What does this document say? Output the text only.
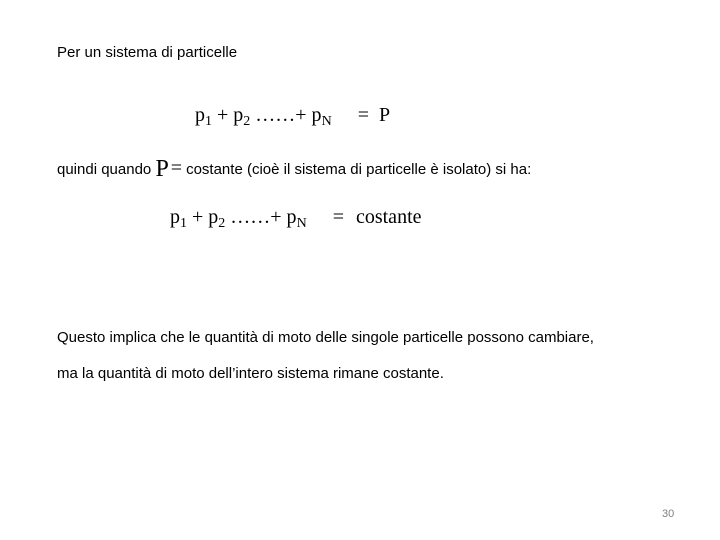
Per un sistema di particelle
$p_1 + p_2$ ……+ $p_N = P$
quindi quando P = costante (cioè il sistema di particelle è isolato) si ha:
$p_1 + p_2$ ……+ $p_N$ = costante
Questo implica che le quantità di moto delle singole particelle possono cambiare,
ma la quantità di moto dell’intero sistema rimane costante.
30
